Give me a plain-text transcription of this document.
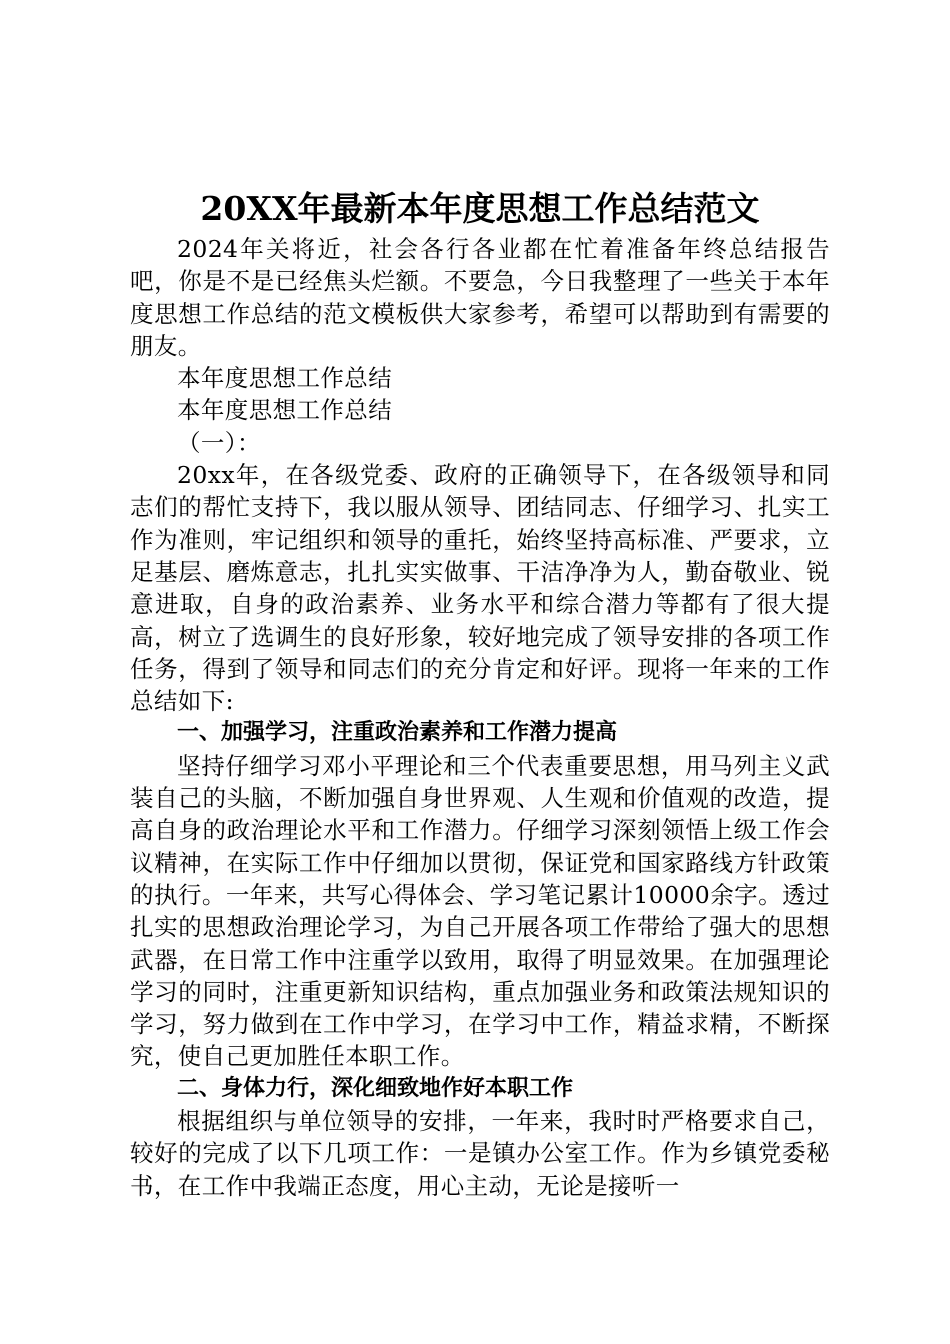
20XX年最新本年度思想工作总结范文

2024年关将近，社会各行各业都在忙着准备年终总结报告吧，你是不是已经焦头烂额。不要急，今日我整理了一些关于本年度思想工作总结的范文模板供大家参考，希望可以帮助到有需要的朋友。

本年度思想工作总结

本年度思想工作总结

（一）：

20xx年，在各级党委、政府的正确领导下，在各级领导和同志们的帮忙支持下，我以服从领导、团结同志、仔细学习、扎实工作为准则，牢记组织和领导的重托，始终坚持高标准、严要求，立足基层、磨炼意志，扎扎实实做事、干洁净净为人，勤奋敬业、锐意进取，自身的政治素养、业务水平和综合潜力等都有了很大提高，树立了选调生的良好形象，较好地完成了领导安排的各项工作任务，得到了领导和同志们的充分肯定和好评。现将一年来的工作总结如下:

一、加强学习，注重政治素养和工作潜力提高

坚持仔细学习邓小平理论和三个代表重要思想，用马列主义武装自己的头脑，不断加强自身世界观、人生观和价值观的改造，提高自身的政治理论水平和工作潜力。仔细学习深刻领悟上级工作会议精神，在实际工作中仔细加以贯彻，保证党和国家路线方针政策的执行。一年来，共写心得体会、学习笔记累计10000余字。透过扎实的思想政治理论学习，为自己开展各项工作带给了强大的思想武器，在日常工作中注重学以致用，取得了明显效果。在加强理论学习的同时，注重更新知识结构，重点加强业务和政策法规知识的学习，努力做到在工作中学习，在学习中工作，精益求精，不断探究，使自己更加胜任本职工作。

二、身体力行，深化细致地作好本职工作

根据组织与单位领导的安排，一年来，我时时严格要求自己，较好的完成了以下几项工作：一是镇办公室工作。作为乡镇党委秘书，在工作中我端正态度，用心主动，无论是接听一
